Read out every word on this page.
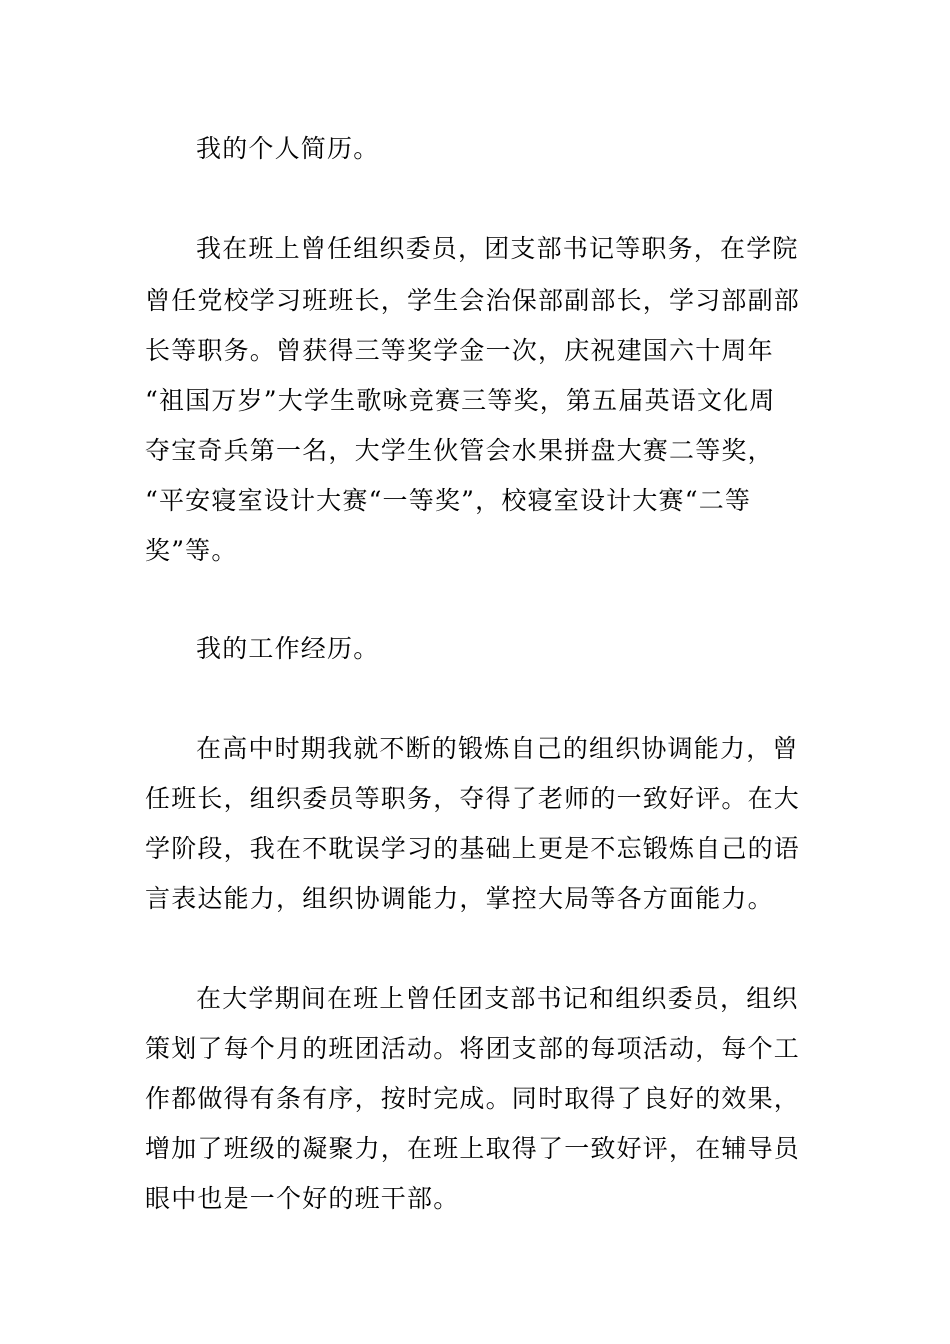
我的个人简历。
我在班上曾任组织委员，团支部书记等职务，在学院
曾任党校学习班班长，学生会治保部副部长，学习部副部
长等职务。曾获得三等奖学金一次，庆祝建国六十周年
“祖国万岁”大学生歌咏竞赛三等奖，第五届英语文化周
夺宝奇兵第一名，大学生伙管会水果拼盘大赛二等奖，
“平安寝室设计大赛“一等奖”，校寝室设计大赛“二等
奖”等。
我的工作经历。
在高中时期我就不断的锻炼自己的组织协调能力，曾
任班长，组织委员等职务，夺得了老师的一致好评。在大
学阶段，我在不耽误学习的基础上更是不忘锻炼自己的语
言表达能力，组织协调能力，掌控大局等各方面能力。
在大学期间在班上曾任团支部书记和组织委员，组织
策划了每个月的班团活动。将团支部的每项活动，每个工
作都做得有条有序，按时完成。同时取得了良好的效果，
增加了班级的凝聚力，在班上取得了一致好评，在辅导员
眼中也是一个好的班干部。
